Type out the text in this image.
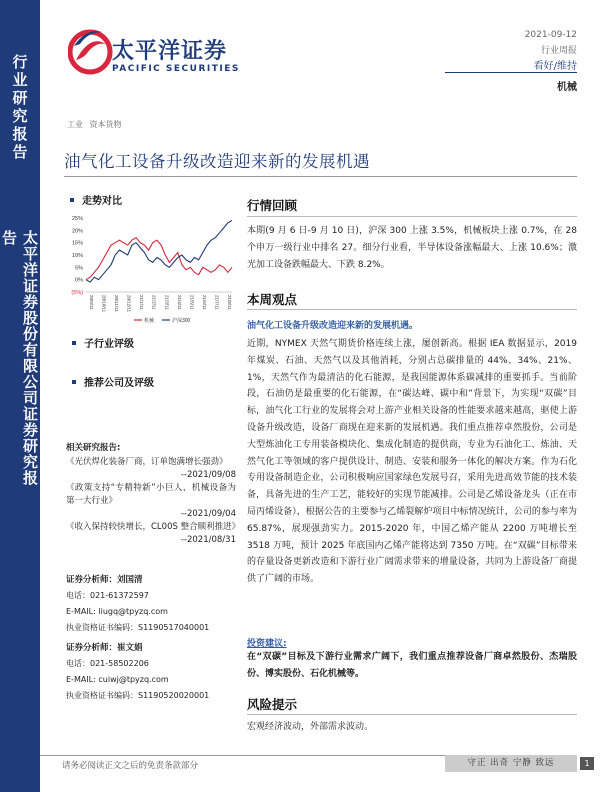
行业研究报告
太平洋证券股份有限公司证券研究报告
太平洋证券
PACIFIC SECURITIES
2021-09-12
行业周报
看好/维持
机械
工业 资本货物
油气化工设备升级改造迎来新的发展机遇
走势对比
25%
20%
15%
10%
5%
0%
(5%)
20/9/11 20/10/11 20/11/11 20/12/11 21/1/11 21/2/11 21/3/11 21/4/11 21/5/11 21/6/11 21/7/11 21/8/11
机械	沪深300
子行业评级
推荐公司及评级
相关研究报告:
《光伏焊化装备厂商，订单饱满增长强劲》
--2021/09/08
《政策支持“专精特新”小巨人，机械设备为第一大行业》
--2021/09/04
《收入保持较快增长，CL00S 整合顺利推进》
--2021/08/31
证券分析师：刘国清
电话：021-61372597
E-MAIL: liugq@tpyzq.com
执业资格证书编码：S1190517040001
证券分析师：崔文娟
电话：021-58502206
E-MAIL: cuiwj@tpyzq.com
执业资格证书编码：S1190520020001
行情回顾
本期(9 月 6 日-9 月 10 日)，沪深 300 上涨 3.5%，机械板块上涨 0.7%，在 28 个申万一级行业中排名 27。细分行业看，半导体设备涨幅最大、上涨 10.6%；激光加工设备跌幅最大、下跌 8.2%。
本周观点
油气化工设备升级改造迎来新的发展机遇。
近期，NYMEX 天然气期货价格连续上涨，屡创新高。根据 IEA 数据显示，2019 年煤炭、石油、天然气以及其他消耗，分别占总碳排量的 44%、34%、21%、1%，天然气作为最清洁的化石能源，是我国能源体系碳减排的重要抓手。当前阶段，石油仍是最重要的化石能源，在“碳达峰、碳中和”背景下，为实现“双碳”目标，油气化工行业的发展将会对上游产业相关设备的性能要求越来越高，驱使上游设备升级改造，设备厂商现在迎来新的发展机遇。我们重点推荐卓然股份，公司是大型炼油化工专用装备模块化、集成化制造的提供商，专业为石油化工、炼油、天然气化工等领域的客户提供设计、制造、安装和服务一体化的解决方案。作为石化专用设备制造企业，公司积极响应国家绿色发展号召，采用先进高效节能的技术装备，具备先进的生产工艺，能较好的实现节能减排。公司是乙烯设备龙头（正在市局丙烯设备），根据公告的主要参与乙烯裂解炉项目中标情况统计，公司的参与率为 65.87%，展现强劲实力。2015-2020 年，中国乙烯产能从 2200 万吨增长至 3518 万吨，预计 2025 年底国内乙烯产能将达到 7350 万吨。在“双碳”目标带来的存量设备更新改造和下游行业广阔需求带来的增量设备，共同为上游设备厂商提供了广阔的市场。
投资建议:
在“双碳”目标及下游行业需求广阔下，我们重点推荐设备厂商卓然股份、杰瑞股份、博实股份、石化机械等。
风险提示
宏观经济波动，外部需求波动。
请务必阅读正文之后的免责条款部分	守正 出奇 宁静 致远	1
